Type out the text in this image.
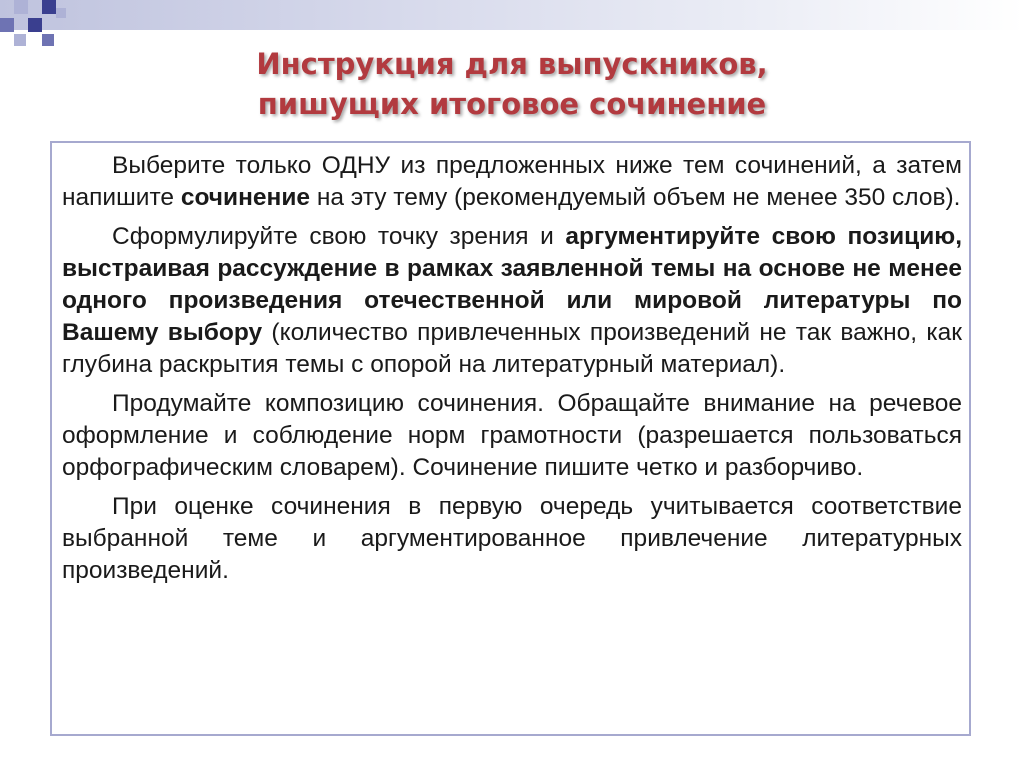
Инструкция для выпускников,
пишущих итоговое сочинение

Выберите только ОДНУ из предложенных ниже тем сочинений, а затем напишите сочинение на эту тему (рекомендуемый объем не менее 350 слов).

Сформулируйте свою точку зрения и аргументируйте свою позицию, выстраивая рассуждение в рамках заявленной темы на основе не менее одного произведения отечественной или мировой литературы по Вашему выбору (количество привлеченных произведений не так важно, как глубина раскрытия темы с опорой на литературный материал).

Продумайте композицию сочинения. Обращайте внимание на речевое оформление и соблюдение норм грамотности (разрешается пользоваться орфографическим словарем). Сочинение пишите четко и разборчиво.

При оценке сочинения в первую очередь учитывается соответствие выбранной теме и аргументированное привлечение литературных произведений.
